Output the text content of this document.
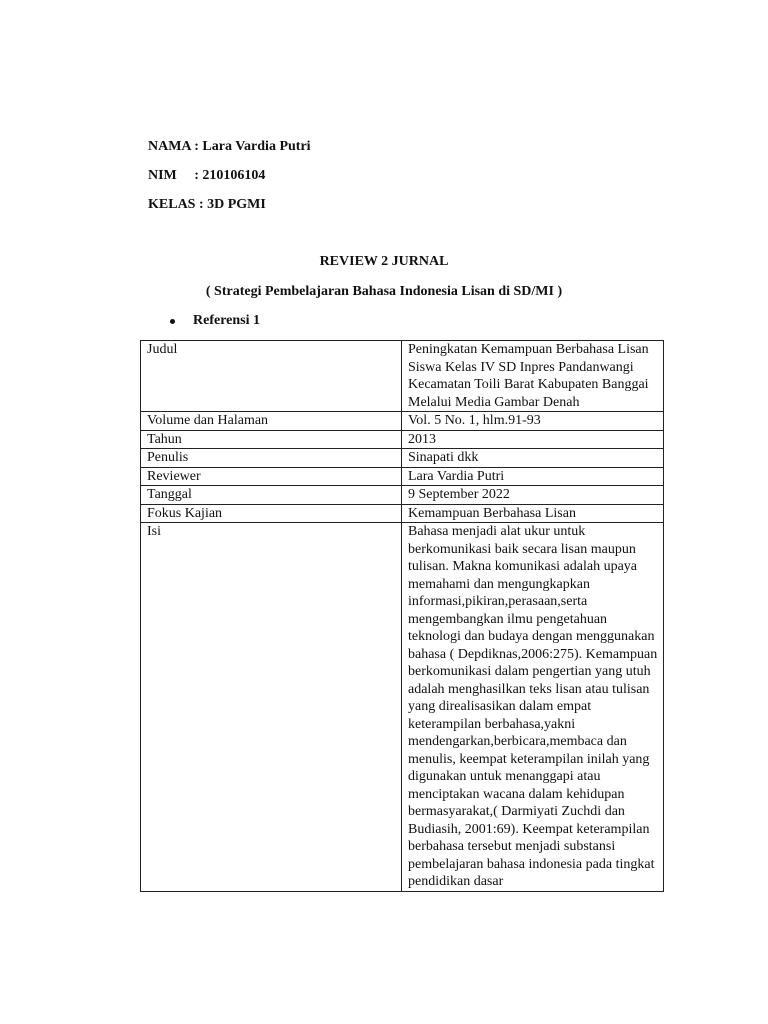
NAMA : Lara Vardia Putri
NIM     : 210106104
KELAS : 3D PGMI
REVIEW 2 JURNAL
( Strategi Pembelajaran Bahasa Indonesia Lisan di SD/MI )
Referensi 1
Judul	Peningkatan Kemampuan Berbahasa Lisan Siswa Kelas IV SD Inpres Pandanwangi Kecamatan Toili Barat Kabupaten Banggai Melalui Media Gambar Denah
Volume dan Halaman	Vol. 5 No. 1, hlm.91-93
Tahun	2013
Penulis	Sinapati dkk
Reviewer	Lara Vardia Putri
Tanggal	9 September 2022
Fokus Kajian	Kemampuan Berbahasa Lisan
Isi	Bahasa menjadi alat ukur untuk berkomunikasi baik secara lisan maupun tulisan. Makna komunikasi adalah upaya memahami dan mengungkapkan informasi,pikiran,perasaan,serta mengembangkan ilmu pengetahuan teknologi dan budaya dengan menggunakan bahasa ( Depdiknas,2006:275). Kemampuan berkomunikasi dalam pengertian yang utuh adalah menghasilkan teks lisan atau tulisan yang direalisasikan dalam empat keterampilan berbahasa,yakni mendengarkan,berbicara,membaca dan menulis, keempat keterampilan inilah yang digunakan untuk menanggapi atau menciptakan wacana dalam kehidupan bermasyarakat,( Darmiyati Zuchdi dan Budiasih, 2001:69). Keempat keterampilan berbahasa tersebut menjadi substansi pembelajaran bahasa indonesia pada tingkat pendidikan dasar
